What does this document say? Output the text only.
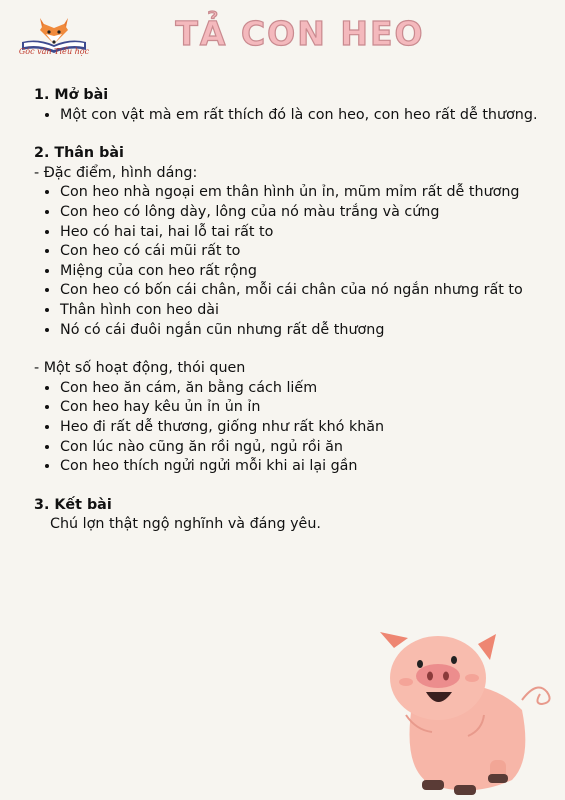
Góc văn Tiểu học	TẢ CON HEO

1. Mở bài

• Một con vật mà em rất thích đó là con heo, con heo rất dễ thương.

2. Thân bài

- Đặc điểm, hình dáng:

• Con heo nhà ngoại em thân hình ủn ỉn, mũm mỉm rất dễ thương
• Con heo có lông dày, lông của nó màu trắng và cứng
• Heo có hai tai, hai lỗ tai rất to
• Con heo có cái mũi rất to
• Miệng của con heo rất rộng
• Con heo có bốn cái chân, mỗi cái chân của nó ngắn nhưng rất to
• Thân hình con heo dài
• Nó có cái đuôi ngắn cũn nhưng rất dễ thương

- Một số hoạt động, thói quen

• Con heo ăn cám, ăn bằng cách liếm
• Con heo hay kêu ủn ỉn ủn ỉn
• Heo đi rất dễ thương, giống như rất khó khăn
• Con lúc nào cũng ăn rồi ngủ, ngủ rồi ăn
• Con heo thích ngửi ngửi mỗi khi ai lại gần

3. Kết bài

Chú lợn thật ngộ nghĩnh và đáng yêu.
